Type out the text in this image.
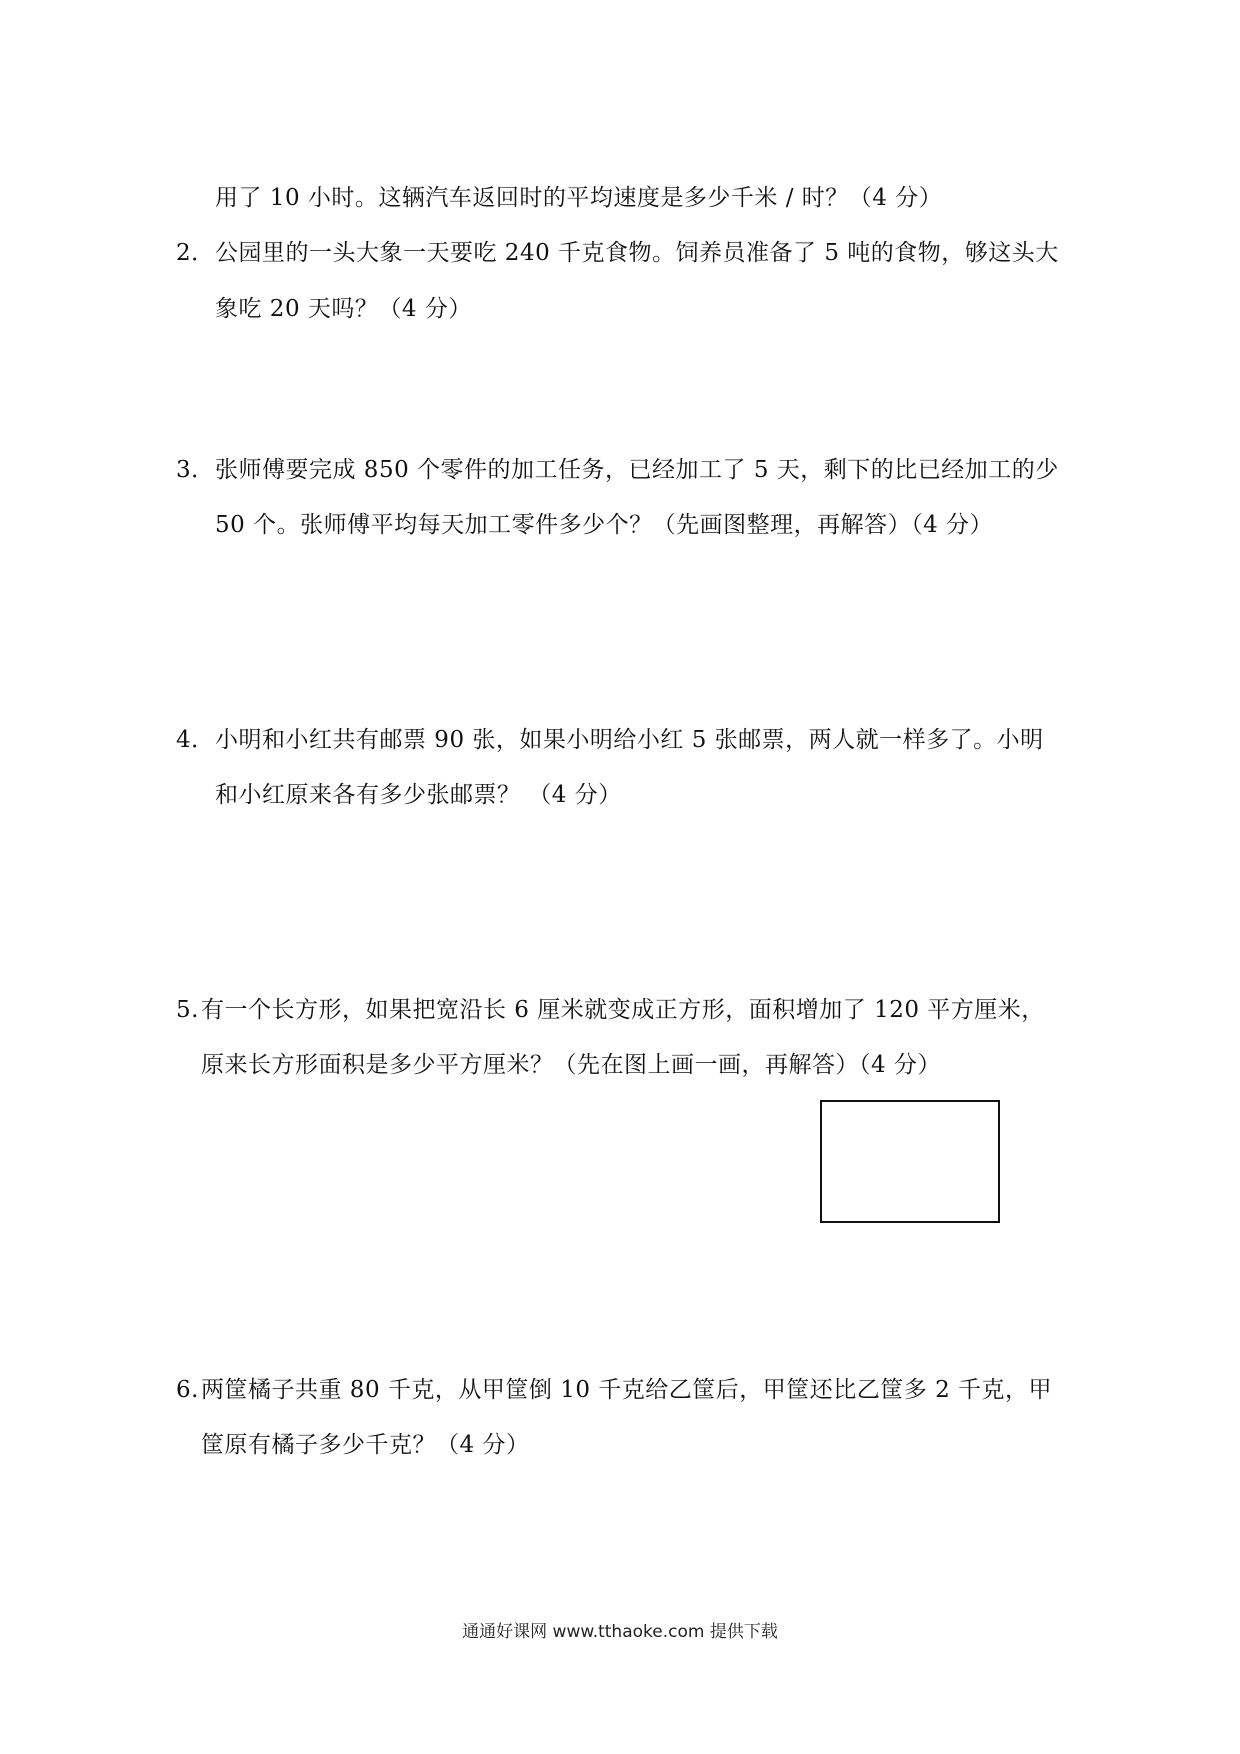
用了 10 小时。这辆汽车返回时的平均速度是多少千米 / 时？（4 分）
2． 公园里的一头大象一天要吃 240 千克食物。饲养员准备了 5 吨的食物，够这头大
象吃 20 天吗？（4 分）
3． 张师傅要完成 850 个零件的加工任务，已经加工了 5 天，剩下的比已经加工的少
50 个。张师傅平均每天加工零件多少个？（先画图整理，再解答）（4 分）
4． 小明和小红共有邮票 90 张，如果小明给小红 5 张邮票，两人就一样多了。小明
和小红原来各有多少张邮票？ （4 分）
5. 有一个长方形，如果把宽沿长 6 厘米就变成正方形，面积增加了 120 平方厘米，
原来长方形面积是多少平方厘米？（先在图上画一画，再解答）（4 分）
6. 两筐橘子共重 80 千克，从甲筐倒 10 千克给乙筐后，甲筐还比乙筐多 2 千克，甲
筐原有橘子多少千克？（4 分）
通通好课网 www.tthaoke.com 提供下载
